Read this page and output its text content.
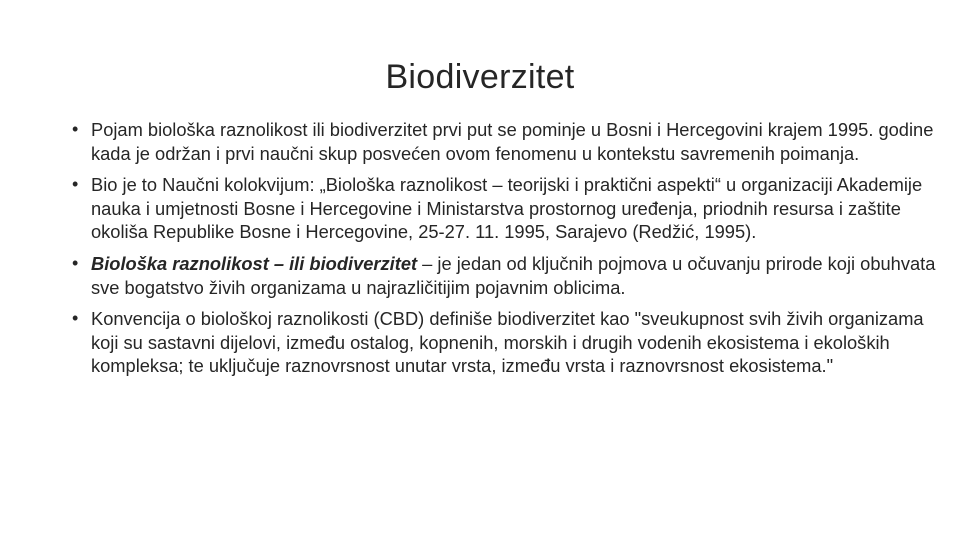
Biodiverzitet
• Pojam biološka raznolikost ili biodiverzitet prvi put se pominje u Bosni i Hercegovini krajem 1995. godine kada je održan i prvi naučni skup posvećen ovom fenomenu u kontekstu savremenih poimanja.
• Bio je to Naučni kolokvijum: „Biološka raznolikost – teorijski i praktični aspekti“ u organizaciji Akademije nauka i umjetnosti Bosne i Hercegovine i Ministarstva prostornog uređenja, priodnih resursa i zaštite okoliša Republike Bosne i Hercegovine, 25-27. 11. 1995, Sarajevo (Redžić, 1995).
• Biološka raznolikost – ili biodiverzitet – je jedan od ključnih pojmova u očuvanju prirode koji obuhvata sve bogatstvo živih organizama u najrazličitijim pojavnim oblicima.
• Konvencija o biološkoj raznolikosti (CBD) definiše biodiverzitet kao "sveukupnost svih živih organizama koji su sastavni dijelovi, između ostalog, kopnenih, morskih i drugih vodenih ekosistema i ekoloških kompleksa; te uključuje raznovrsnost unutar vrsta, između vrsta i raznovrsnost ekosistema."
